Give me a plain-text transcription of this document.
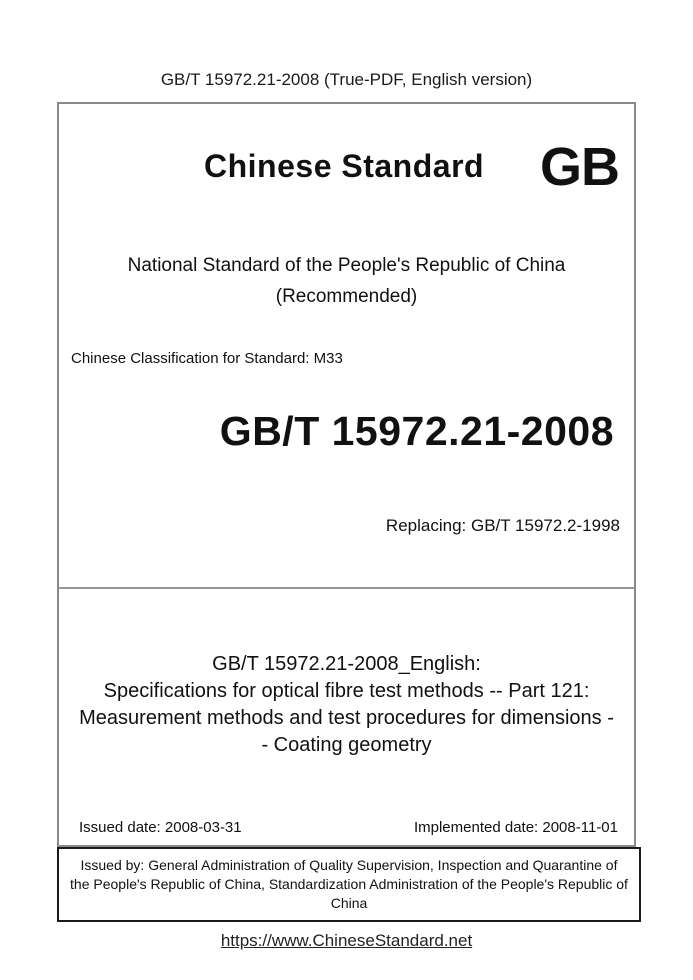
GB/T 15972.21-2008 (True-PDF, English version)
Chinese Standard GB
National Standard of the People's Republic of China
(Recommended)
Chinese Classification for Standard: M33
GB/T 15972.21-2008
Replacing: GB/T 15972.2-1998
GB/T 15972.21-2008_English:
Specifications for optical fibre test methods -- Part 121:
Measurement methods and test procedures for dimensions -
- Coating geometry
Issued date: 2008-03-31	Implemented date: 2008-11-01
Issued by: General Administration of Quality Supervision, Inspection and Quarantine of
the People's Republic of China, Standardization Administration of the People's Republic of
China
https://www.ChineseStandard.net
